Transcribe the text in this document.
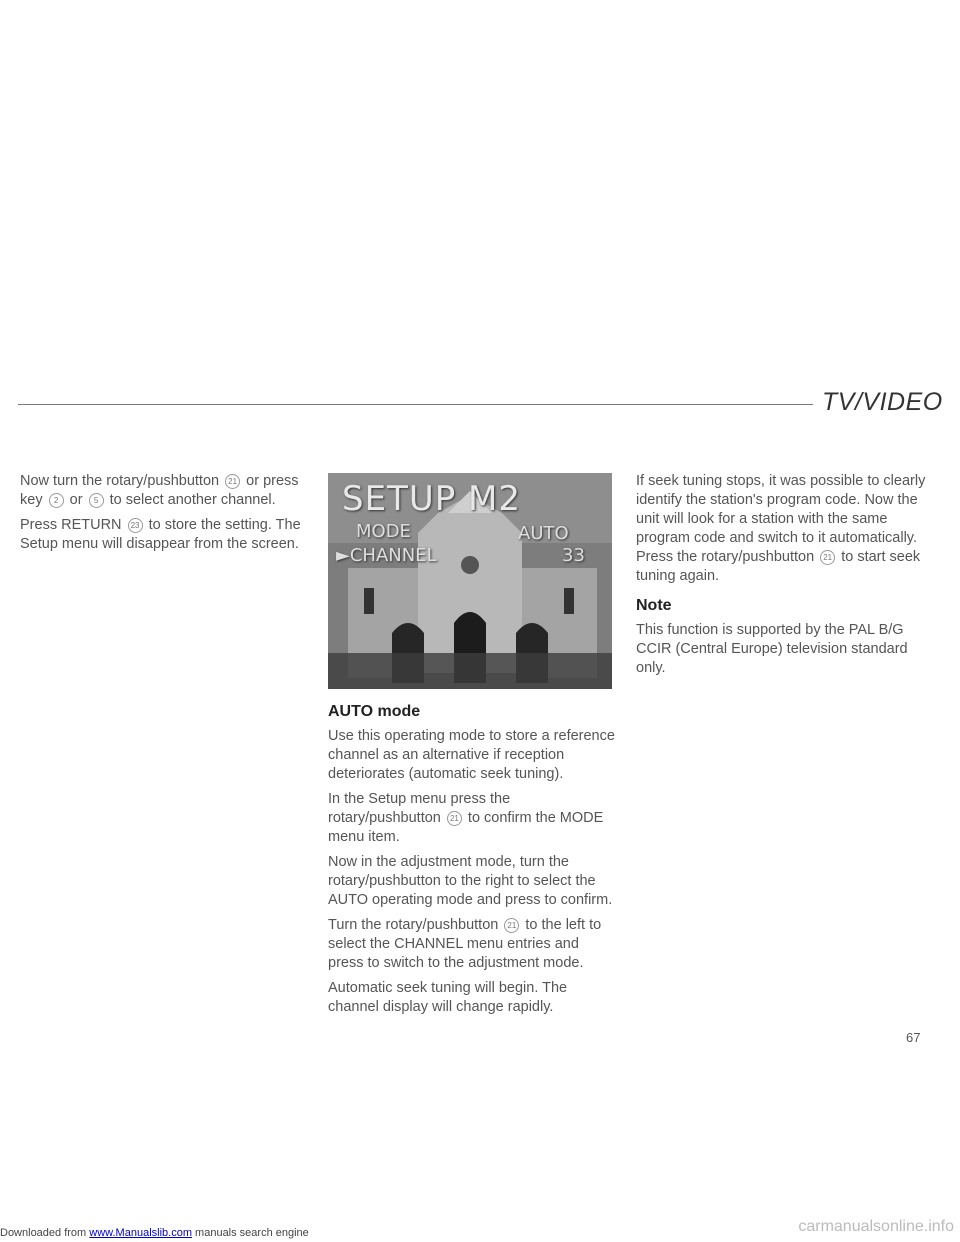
TV/VIDEO

Now turn the rotary/pushbutton 21 or press key 2 or 5 to select another channel.

Press RETURN 23 to store the setting. The Setup menu will disappear from the screen.

SETUP M2
MODE	AUTO
►CHANNEL	33
AUTO mode

Use this operating mode to store a reference channel as an alternative if reception deteriorates (automatic seek tuning).

In the Setup menu press the rotary/pushbutton 21 to confirm the MODE menu item.

Now in the adjustment mode, turn the rotary/pushbutton to the right to select the AUTO operating mode and press to confirm.

Turn the rotary/pushbutton 21 to the left to select the CHANNEL menu entries and press to switch to the adjustment mode.

Automatic seek tuning will begin. The channel display will change rapidly.

If seek tuning stops, it was possible to clearly identify the station's program code. Now the unit will look for a station with the same program code and switch to it automatically. Press the rotary/pushbutton 21 to start seek tuning again.

Note

This function is supported by the PAL B/G CCIR (Central Europe) television standard only.

67
Downloaded from www.Manualslib.com manuals search engine	carmanualsonline.info
